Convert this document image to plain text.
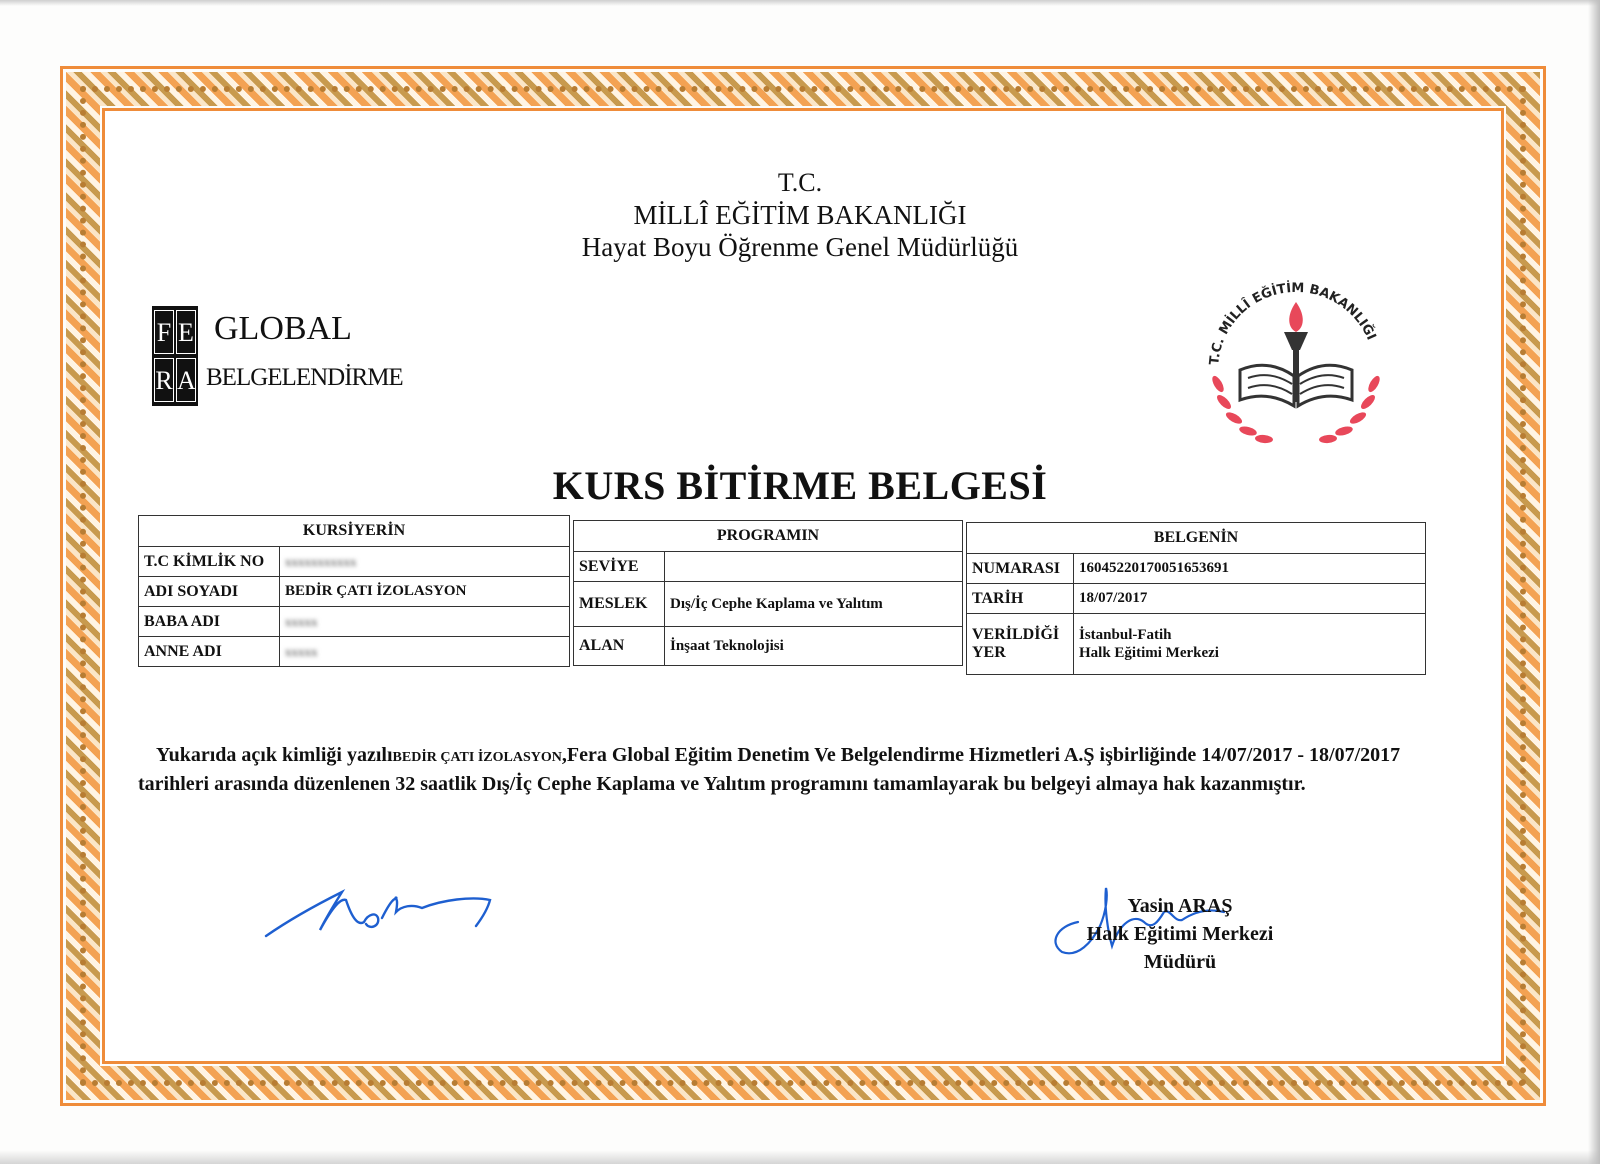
T.C.
MİLLÎ EĞİTİM BAKANLIĞI
Hayat Boyu Öğrenme Genel Müdürlüğü
F E
R A
GLOBAL
BELGELENDİRME
T.C. MİLLÎ EĞİTİM BAKANLIĞI
KURS BİTİRME BELGESİ
KURSİYERİN	
T.C KİMLİK NO	xxxxxxxxxxx
ADI SOYADI	BEDİR ÇATI İZOLASYON
BABA ADI	xxxxx
ANNE ADI	xxxxx
PROGRAMIN	
SEVİYE	
MESLEK	Dış/İç Cephe Kaplama ve Yalıtım
ALAN	İnşaat Teknolojisi
BELGENİN	
NUMARASI	16045220170051653691
TARİH	18/07/2017
VERİLDİĞİ
YER	İstanbul-Fatih
Halk Eğitimi Merkezi
Yukarıda açık kimliği yazılıBEDİR ÇATI İZOLASYON,Fera Global Eğitim Denetim Ve Belgelendirme Hizmetleri A.Ş işbirliğinde 14/07/2017 - 18/07/2017 tarihleri arasında düzenlenen 32 saatlik Dış/İç Cephe Kaplama ve Yalıtım programını tamamlayarak bu belgeyi almaya hak kazanmıştır.
Yasin ARAŞ
Halk Eğitimi Merkezi
Müdürü
